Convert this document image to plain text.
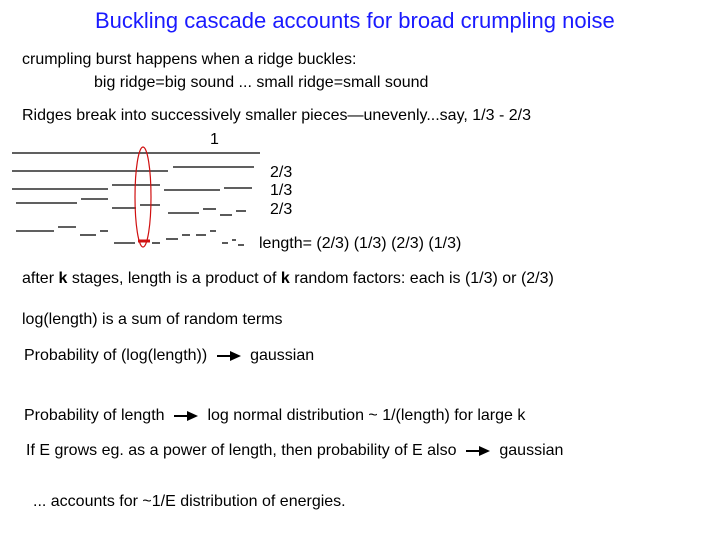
Buckling cascade accounts for broad crumpling noise
crumpling burst happens when a ridge buckles:
big ridge=big sound ... small ridge=small sound
Ridges break into successively smaller pieces—unevenly...say, 1/3 - 2/3
1
2/3
1/3
2/3
length= (2/3) (1/3) (2/3) (1/3)
after k stages, length is a product of k random factors: each is (1/3) or (2/3)
log(length) is a sum of random terms
Probability of (log(length))	gaussian
Probability of length	log normal distribution ~ 1/(length) for large k
If E grows eg. as a power of length, then probability of E also	gaussian
... accounts for ~1/E distribution of energies.
